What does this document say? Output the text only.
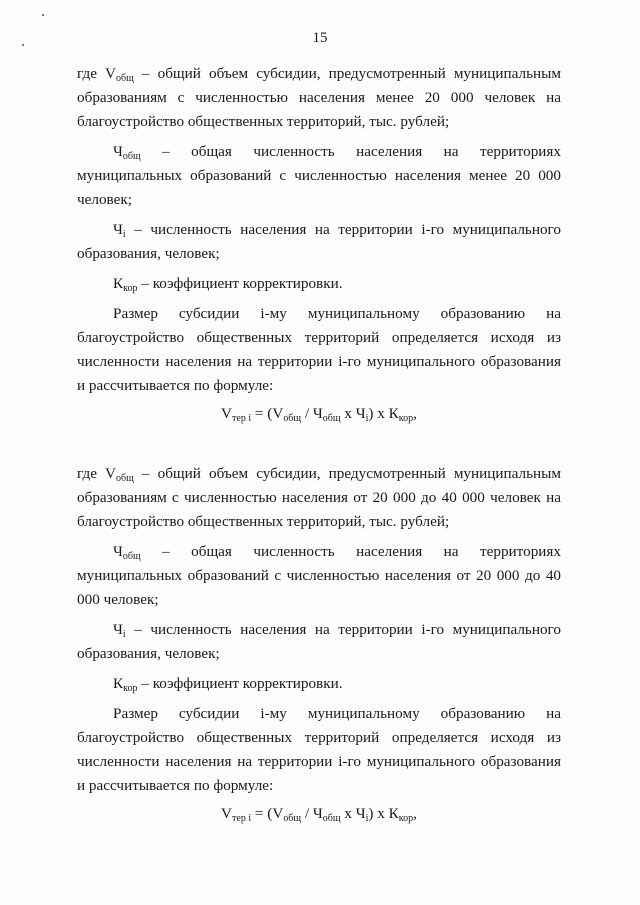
15

где $V_{общ}$ – общий объем субсидии, предусмотренный муниципальным образованиям с численностью населения менее 20 000 человек на благоустройство общественных территорий, тыс. рублей;

$Ч_{общ}$ – общая численность населения на территориях муниципальных образований с численностью населения менее 20 000 человек;

$Ч_i$ – численность населения на территории i-го муниципального образования, человек;

$К_{кор}$ – коэффициент корректировки.

Размер субсидии i-му муниципальному образованию на благоустройство общественных территорий определяется исходя из численности населения на территории i-го муниципального образования и рассчитывается по формуле:

$V_{тер i} = (V_{общ} / Ч_{общ}$ x $Ч_i$) x $К_{кор}$,

где $V_{общ}$ – общий объем субсидии, предусмотренный муниципальным образованиям с численностью населения от 20 000 до 40 000 человек на благоустройство общественных территорий, тыс. рублей;

$Ч_{общ}$ – общая численность населения на территориях муниципальных образований с численностью населения от 20 000 до 40 000 человек;

$Ч_i$ – численность населения на территории i-го муниципального образования, человек;

$К_{кор}$ – коэффициент корректировки.

Размер субсидии i-му муниципальному образованию на благоустройство общественных территорий определяется исходя из численности населения на территории i-го муниципального образования и рассчитывается по формуле:

$V_{тер i} = (V_{общ} / Ч_{общ}$ x $Ч_i$) x $К_{кор}$,
